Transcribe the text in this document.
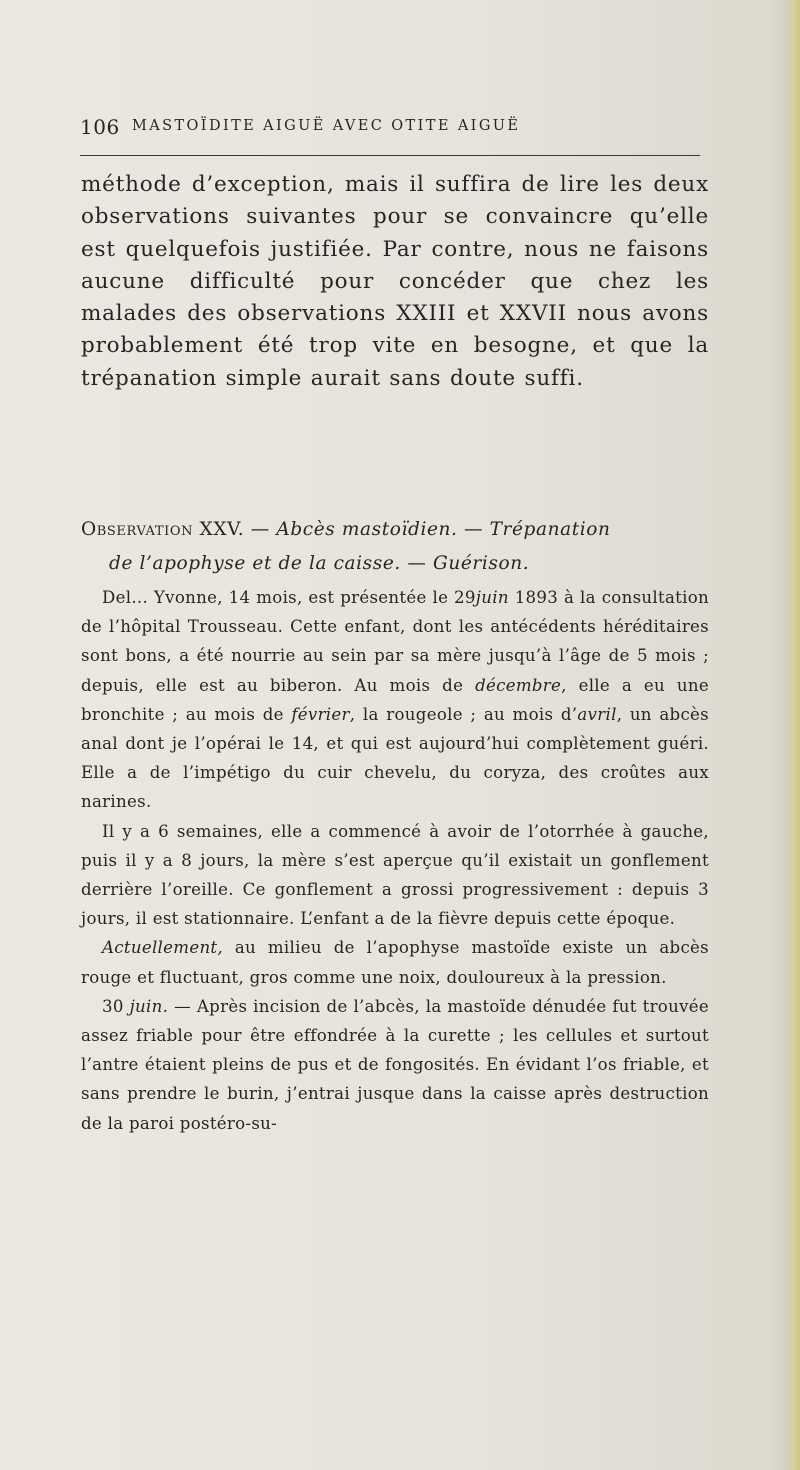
106 MASTOÏDITE AIGUË AVEC OTITE AIGUË

méthode d’exception, mais il suffira de lire les deux observations suivantes pour se convaincre qu’elle est quelquefois justifiée. Par contre, nous ne faisons aucune difficulté pour concéder que chez les malades des observations XXIII et XXVII nous avons probablement été trop vite en besogne, et que la trépanation simple aurait sans doute suffi.

Observation XXV. — Abcès mastoïdien. — Trépanation
de l’apophyse et de la caisse. — Guérison.

Del... Yvonne, 14 mois, est présentée le 29juin 1893 à la consultation de l’hôpital Trousseau. Cette enfant, dont les antécédents héréditaires sont bons, a été nourrie au sein par sa mère jusqu’à l’âge de 5 mois ; depuis, elle est au biberon. Au mois de décembre, elle a eu une bronchite ; au mois de février, la rougeole ; au mois d’avril, un abcès anal dont je l’opérai le 14, et qui est aujourd’hui complètement guéri. Elle a de l’impétigo du cuir chevelu, du coryza, des croûtes aux narines.

Il y a 6 semaines, elle a commencé à avoir de l’otorrhée à gauche, puis il y a 8 jours, la mère s’est aperçue qu’il existait un gonflement derrière l’oreille. Ce gonflement a grossi progressivement : depuis 3 jours, il est stationnaire. L’enfant a de la fièvre depuis cette époque.

Actuellement, au milieu de l’apophyse mastoïde existe un abcès rouge et fluctuant, gros comme une noix, douloureux à la pression.

30 juin. — Après incision de l’abcès, la mastoïde dénudée fut trouvée assez friable pour être effondrée à la curette ; les cellules et surtout l’antre étaient pleins de pus et de fongosités. En évidant l’os friable, et sans prendre le burin, j’entrai jusque dans la caisse après destruction de la paroi postéro-su-
